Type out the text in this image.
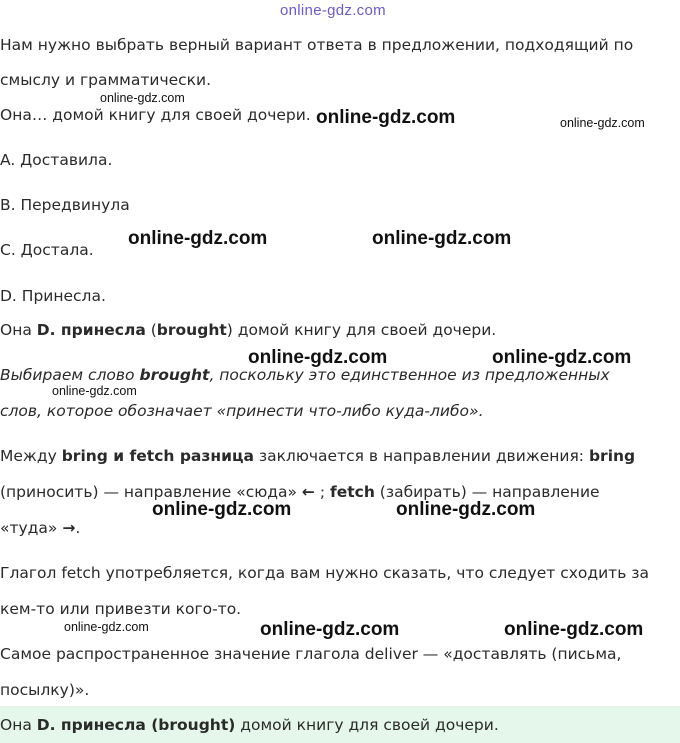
online-gdz.com
Нам нужно выбрать верный вариант ответа в предложении, подходящий по
смыслу и грамматически.
Она… домой книгу для своей дочери.
A. Доставила.
B. Передвинула
C. Достала.
D. Принесла.
Она D. принесла (brought) домой книгу для своей дочери.
Выбираем слово brought, поскольку это единственное из предложенных
слов, которое обозначает «принести что-либо куда-либо».
Между bring и fetch разница заключается в направлении движения: bring
(приносить) — направление «сюда» ← ; fetch (забирать) — направление
«туда» →.
Глагол fetch употребляется, когда вам нужно сказать, что следует сходить за
кем-то или привезти кого-то.
Самое распространенное значение глагола deliver — «доставлять (письма,
посылку)».
Она D. принесла (brought) домой книгу для своей дочери.
online-gdz.com
online-gdz.com	online-gdz.com
online-gdz.com	online-gdz.com
online-gdz.com	online-gdz.com
online-gdz.com
online-gdz.com	online-gdz.com
online-gdz.com	online-gdz.com	online-gdz.com
